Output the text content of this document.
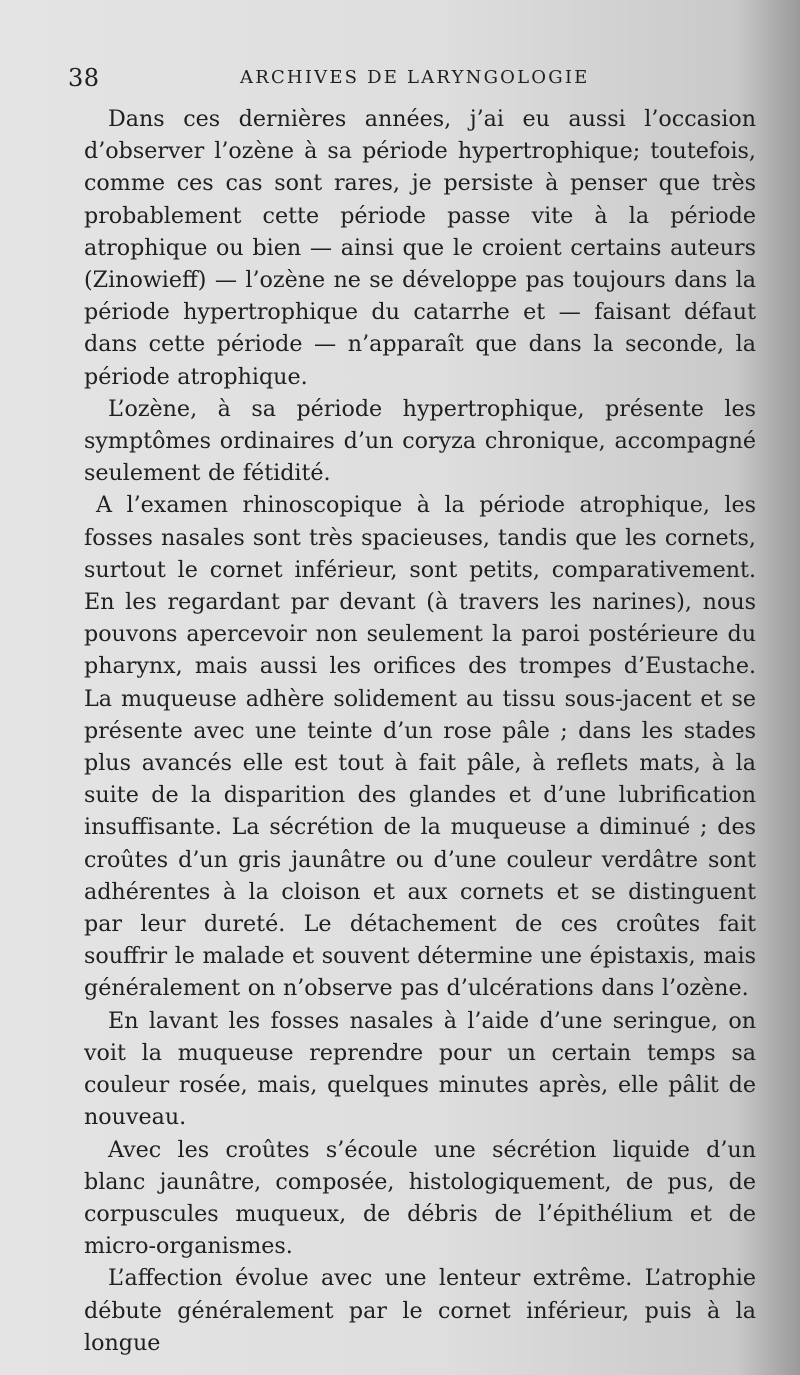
38	ARCHIVES DE LARYNGOLOGIE

Dans ces dernières années, j’ai eu aussi l’occasion d’observer l’ozène à sa période hypertrophique; toutefois, comme ces cas sont rares, je persiste à penser que très probablement cette période passe vite à la période atrophique ou bien — ainsi que le croient certains auteurs (Zinowieff) — l’ozène ne se développe pas toujours dans la période hypertrophique du catarrhe et — faisant défaut dans cette période — n’apparaît que dans la seconde, la période atrophique.

L’ozène, à sa période hypertrophique, présente les symptômes ordinaires d’un coryza chronique, accompagné seulement de fétidité.

A l’examen rhinoscopique à la période atrophique, les fosses nasales sont très spacieuses, tandis que les cornets, surtout le cornet inférieur, sont petits, comparativement. En les regardant par devant (à travers les narines), nous pouvons apercevoir non seulement la paroi postérieure du pharynx, mais aussi les orifices des trompes d’Eustache. La muqueuse adhère solidement au tissu sous-jacent et se présente avec une teinte d’un rose pâle ; dans les stades plus avancés elle est tout à fait pâle, à reflets mats, à la suite de la disparition des glandes et d’une lubrification insuffisante. La sécrétion de la muqueuse a diminué ; des croûtes d’un gris jaunâtre ou d’une couleur verdâtre sont adhérentes à la cloison et aux cornets et se distinguent par leur dureté. Le détachement de ces croûtes fait souffrir le malade et souvent détermine une épistaxis, mais généralement on n’observe pas d’ulcérations dans l’ozène.

En lavant les fosses nasales à l’aide d’une seringue, on voit la muqueuse reprendre pour un certain temps sa couleur rosée, mais, quelques minutes après, elle pâlit de nouveau.

Avec les croûtes s’écoule une sécrétion liquide d’un blanc jaunâtre, composée, histologiquement, de pus, de corpuscules muqueux, de débris de l’épithélium et de micro-organismes.

L’affection évolue avec une lenteur extrême. L’atrophie débute généralement par le cornet inférieur, puis à la longue
